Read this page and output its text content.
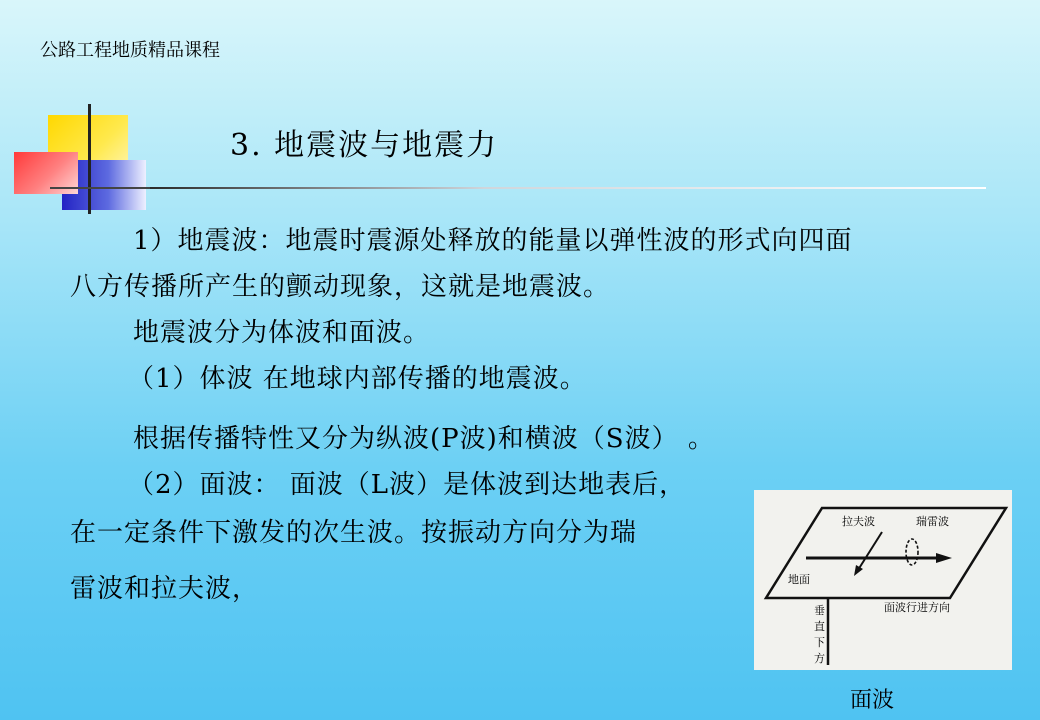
公路工程地质精品课程
3. 地震波与地震力
1）地震波：地震时震源处释放的能量以弹性波的形式向四面
八方传播所产生的颤动现象，这就是地震波。
地震波分为体波和面波。
（1）体波 在地球内部传播的地震波。
根据传播特性又分为纵波(P波)和横波（S波） 。
（2）面波： 面波（L波）是体波到达地表后，
在一定条件下激发的次生波。按振动方向分为瑞
雷波和拉夫波，
拉夫波	瑞雷波
地面
面波行进方向
垂
直
下
方
面波
